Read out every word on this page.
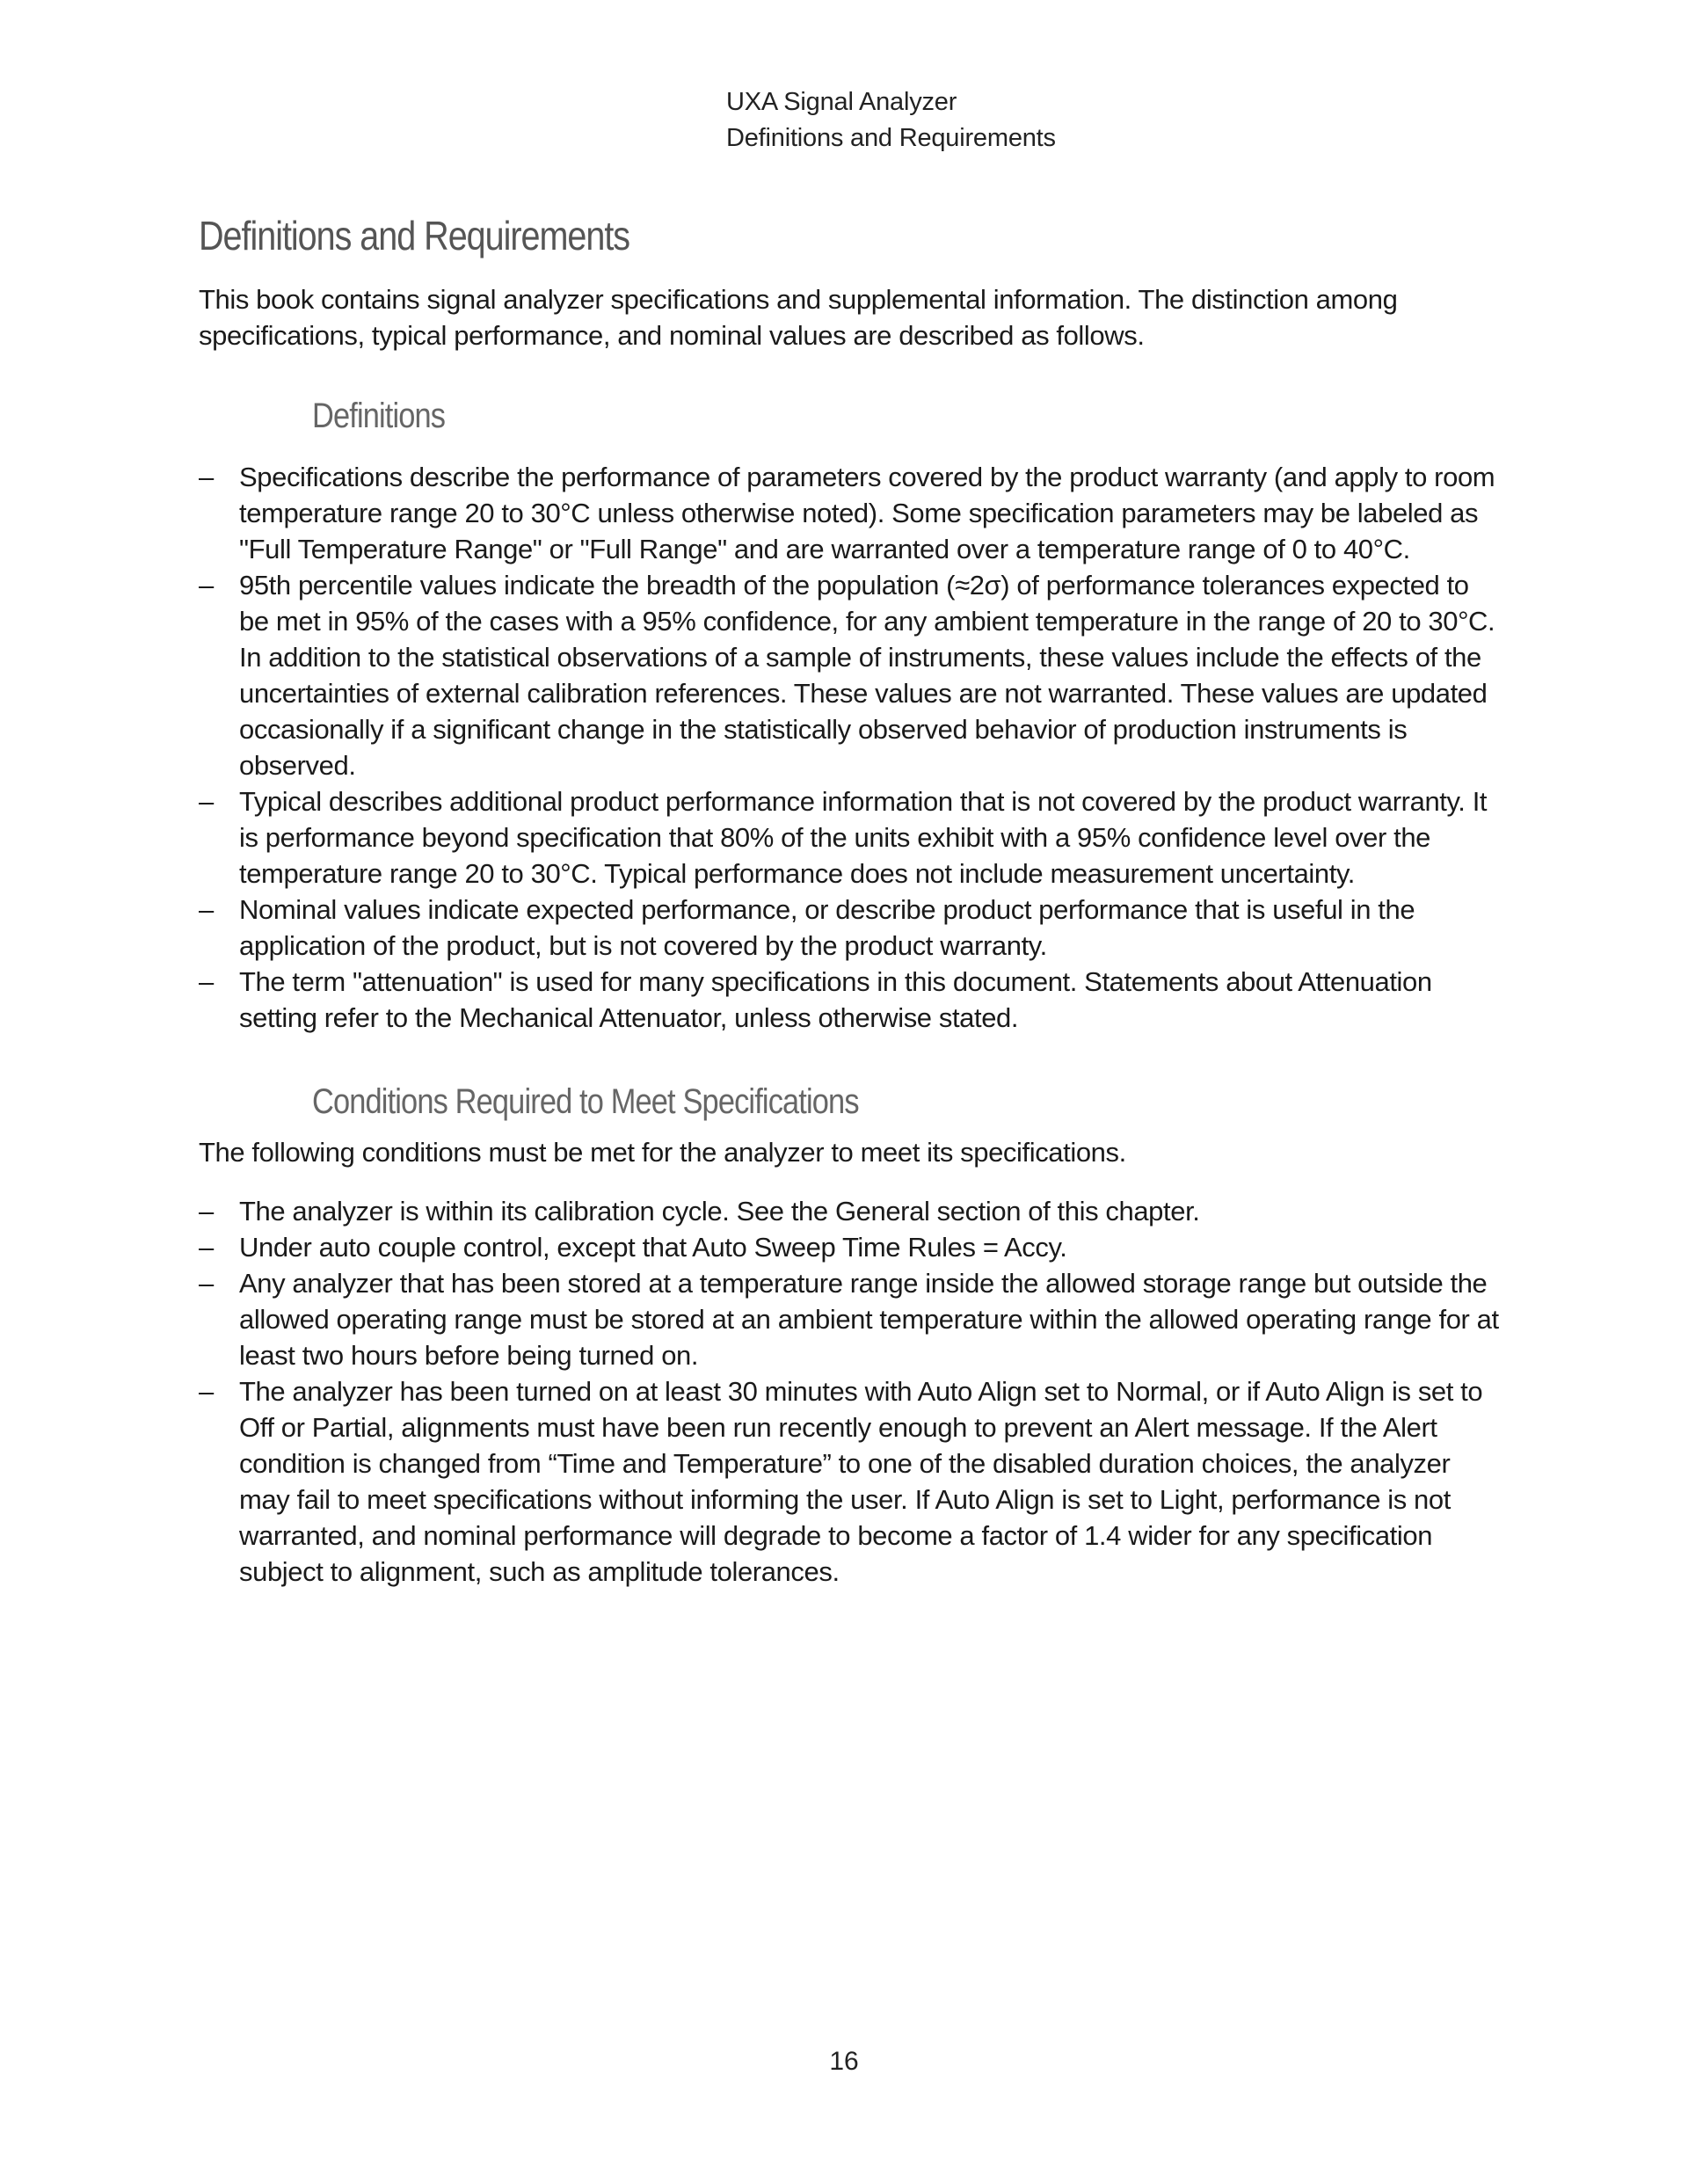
UXA Signal Analyzer
Definitions and Requirements
Definitions and Requirements

This book contains signal analyzer specifications and supplemental information. The distinction among specifications, typical performance, and nominal values are described as follows.

Definitions
– Specifications describe the performance of parameters covered by the product warranty (and apply to room temperature range 20 to 30°C unless otherwise noted). Some specification parameters may be labeled as "Full Temperature Range" or "Full Range" and are warranted over a temperature range of 0 to 40°C.
– 95th percentile values indicate the breadth of the population (≈2σ) of performance tolerances expected to be met in 95% of the cases with a 95% confidence, for any ambient temperature in the range of 20 to 30°C. In addition to the statistical observations of a sample of instruments, these values include the effects of the uncertainties of external calibration references. These values are not warranted. These values are updated occasionally if a significant change in the statistically observed behavior of production instruments is observed.
– Typical describes additional product performance information that is not covered by the product warranty. It is performance beyond specification that 80% of the units exhibit with a 95% confidence level over the temperature range 20 to 30°C. Typical performance does not include measurement uncertainty.
– Nominal values indicate expected performance, or describe product performance that is useful in the application of the product, but is not covered by the product warranty.
– The term "attenuation" is used for many specifications in this document. Statements about Attenuation setting refer to the Mechanical Attenuator, unless otherwise stated.
Conditions Required to Meet Specifications

The following conditions must be met for the analyzer to meet its specifications.

– The analyzer is within its calibration cycle. See the General section of this chapter.
– Under auto couple control, except that Auto Sweep Time Rules = Accy.
– Any analyzer that has been stored at a temperature range inside the allowed storage range but outside the allowed operating range must be stored at an ambient temperature within the allowed operating range for at least two hours before being turned on.
– The analyzer has been turned on at least 30 minutes with Auto Align set to Normal, or if Auto Align is set to Off or Partial, alignments must have been run recently enough to prevent an Alert message. If the Alert condition is changed from “Time and Temperature” to one of the disabled duration choices, the analyzer may fail to meet specifications without informing the user. If Auto Align is set to Light, performance is not warranted, and nominal performance will degrade to become a factor of 1.4 wider for any specification subject to alignment, such as amplitude tolerances.
16
